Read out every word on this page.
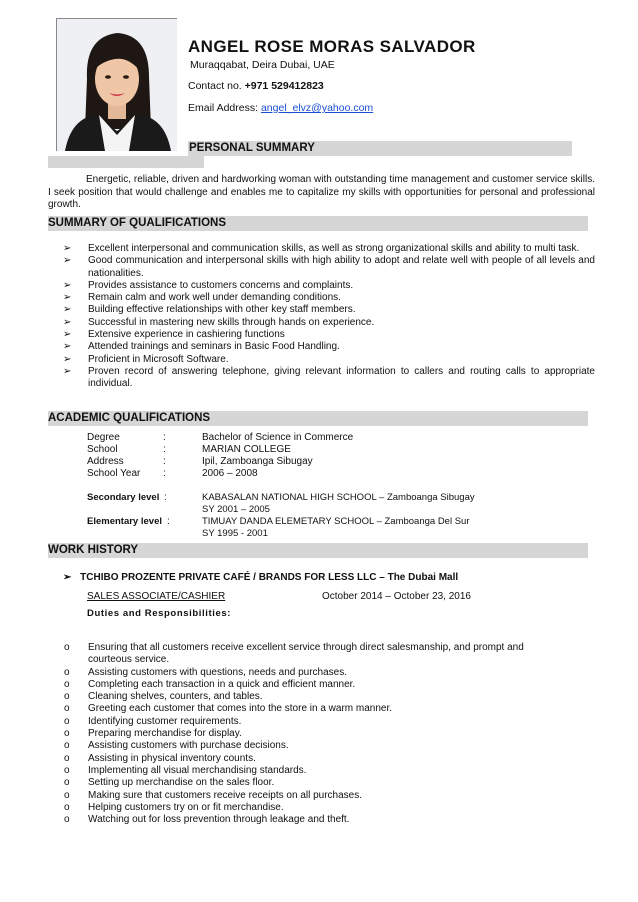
ANGEL ROSE MORAS SALVADOR
Muraqqabat, Deira Dubai, UAE
Contact no. +971 529412823
Email Address: angel_elvz@yahoo.com
PERSONAL SUMMARY
Energetic, reliable, driven and hardworking woman with outstanding time management and customer service skills. I seek position that would challenge and enables me to capitalize my skills with opportunities for personal and professional growth.
SUMMARY OF QUALIFICATIONS
➢ Excellent interpersonal and communication skills, as well as strong organizational skills and ability to multi task.
➢ Good communication and interpersonal skills with high ability to adopt and relate well with people of all levels and nationalities.
➢ Provides assistance to customers concerns and complaints.
➢ Remain calm and work well under demanding conditions.
➢ Building effective relationships with other key staff members.
➢ Successful in mastering new skills through hands on experience.
➢ Extensive experience in cashiering functions
➢ Attended trainings and seminars in Basic Food Handling.
➢ Proficient in Microsoft Software.
➢ Proven record of answering telephone, giving relevant information to callers and routing calls to appropriate individual.
ACADEMIC QUALIFICATIONS
Degree	:	Bachelor of Science in Commerce
School	:	MARIAN COLLEGE
Address	:	Ipil, Zamboanga Sibugay
School Year :	2006 – 2008
Secondary level :	KABASALAN NATIONAL HIGH SCHOOL – Zamboanga Sibugay
SY 2001 – 2005
Elementary level :	TIMUAY DANDA ELEMETARY SCHOOL – Zamboanga Del Sur
SY 1995 - 2001
WORK HISTORY
➢ TCHIBO PROZENTE PRIVATE CAFÉ / BRANDS FOR LESS LLC – The Dubai Mall
SALES ASSOCIATE/CASHIER	October 2014 – October 23, 2016
Duties and Responsibilities:
o Ensuring that all customers receive excellent service through direct salesmanship, and prompt and courteous service.
o Assisting customers with questions, needs and purchases.
o Completing each transaction in a quick and efficient manner.
o Cleaning shelves, counters, and tables.
o Greeting each customer that comes into the store in a warm manner.
o Identifying customer requirements.
o Preparing merchandise for display.
o Assisting customers with purchase decisions.
o Assisting in physical inventory counts.
o Implementing all visual merchandising standards.
o Setting up merchandise on the sales floor.
o Making sure that customers receive receipts on all purchases.
o Helping customers try on or fit merchandise.
o Watching out for loss prevention through leakage and theft.
